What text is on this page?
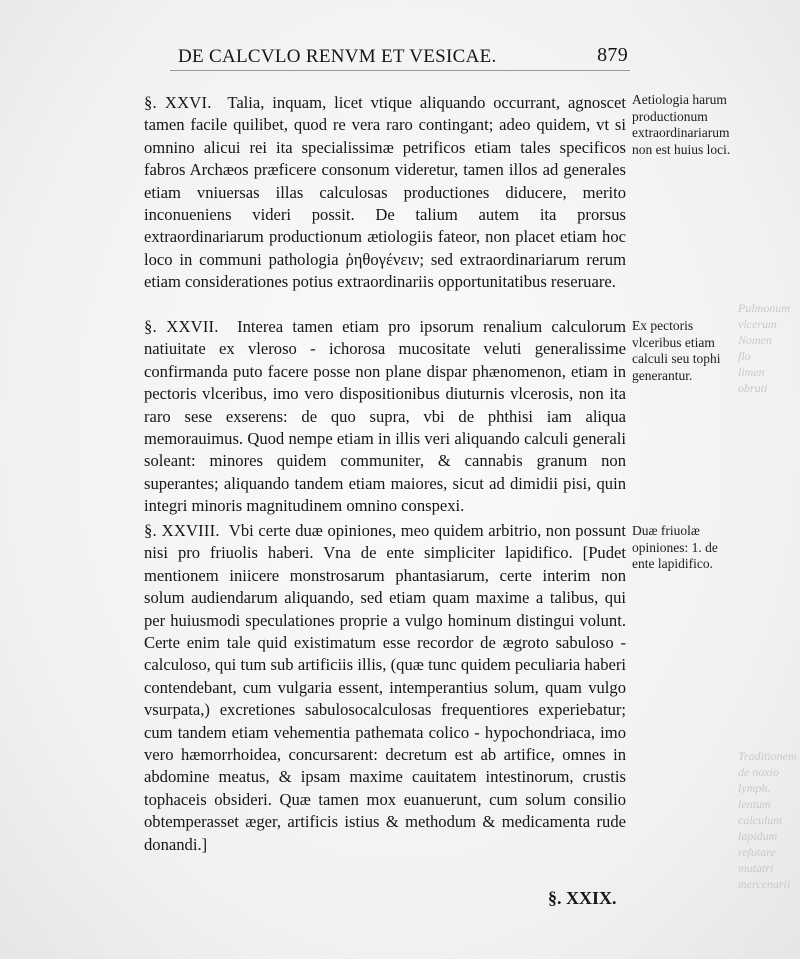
Pulmonum
vlcerum
Nomen
flo
limen
obruti
Traditionem
de noxio
lymph.
lentum
calculum
lapidum
refutare
mutatri
mercenarii
DE CALCVLO RENVM ET VESICAE.	879

§. XXVI. Talia, inquam, licet vtique aliquando occurrant, agnoscet tamen facile quilibet, quod re vera raro contingant; adeo quidem, vt si omnino alicui rei ita specialissimæ petrificos etiam tales specificos fabros Archæos præficere consonum videretur, tamen illos ad generales etiam vniuersas illas calculosas productiones diducere, merito inconueniens videri possit. De talium autem ita prorsus extraordinariarum productionum ætiologiis fateor, non placet etiam hoc loco in communi pathologia ῥηθογένειν; sed extraordinariarum rerum etiam considerationes potius extraordinariis opportunitatibus reseruare.

Aetiologia harum productionum extraordinariarum non est huius loci.

§. XXVII. Interea tamen etiam pro ipsorum renalium calculorum natiuitate ex vleroso - ichorosa mucositate veluti generalissime confirmanda puto facere posse non plane dispar phænomenon, etiam in pectoris vlceribus, imo vero dispositionibus diuturnis vlcerosis, non ita raro sese exserens: de quo supra, vbi de phthisi iam aliqua memorauimus. Quod nempe etiam in illis veri aliquando calculi generali soleant: minores quidem communiter, & cannabis granum non superantes; aliquando tandem etiam maiores, sicut ad dimidii pisi, quin integri minoris magnitudinem omnino conspexi.

Ex pectoris vlceribus etiam calculi seu tophi generantur.

§. XXVIII. Vbi certe duæ opiniones, meo quidem arbitrio, non possunt nisi pro friuolis haberi. Vna de ente simpliciter lapidifico. [Pudet mentionem iniicere monstrosarum phantasiarum, certe interim non solum audiendarum aliquando, sed etiam quam maxime a talibus, qui per huiusmodi speculationes proprie a vulgo hominum distingui volunt. Certe enim tale quid existimatum esse recordor de ægroto sabuloso - calculoso, qui tum sub artificiis illis, (quæ tunc quidem peculiaria haberi contendebant, cum vulgaria essent, intemperantius solum, quam vulgo vsurpata,) excretiones sabulosocalculosas frequentiores experiebatur; cum tandem etiam vehementia pathemata colico - hypochondriaca, imo vero hæmorrhoidea, concursarent: decretum est ab artifice, omnes in abdomine meatus, & ipsam maxime cauitatem intestinorum, crustis tophaceis obsideri. Quæ tamen mox euanuerunt, cum solum consilio obtemperasset æger, artificis istius & methodum & medicamenta rude donandi.]

Duæ friuolæ opiniones: 1. de ente lapidifico.
§. XXIX.
